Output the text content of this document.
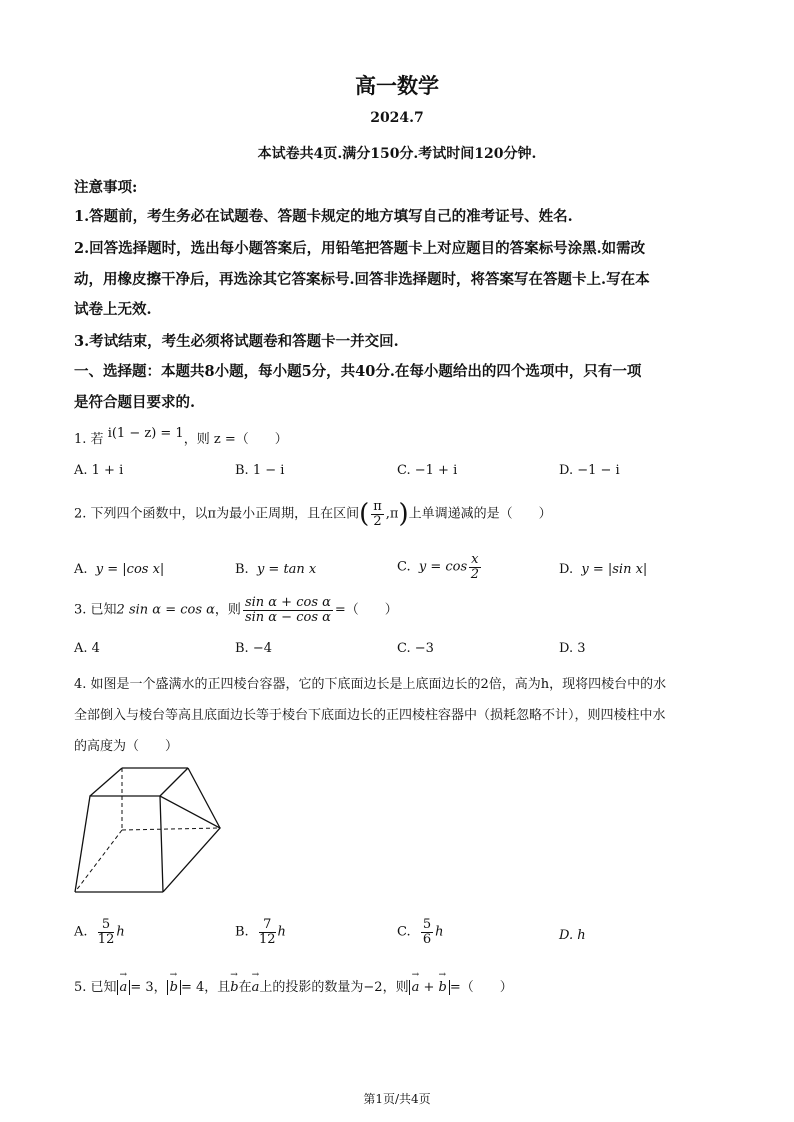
高一数学
2024.7
本试卷共4页.满分150分.考试时间120分钟.
注意事项:
1.答题前，考生务必在试题卷、答题卡规定的地方填写自己的准考证号、姓名.
2.回答选择题时，选出每小题答案后，用铅笔把答题卡上对应题目的答案标号涂黑.如需改
动，用橡皮擦干净后，再选涂其它答案标号.回答非选择题时，将答案写在答题卡上.写在本
试卷上无效.
3.考试结束，考生必须将试题卷和答题卡一并交回.
一、选择题：本题共8小题，每小题5分，共40分.在每小题给出的四个选项中，只有一项
是符合题目要求的.
1. 若 i(1 − z) = 1，则 z =（　　）
A. 1 + i	B. 1 − i	C. −1 + i	D. −1 − i
2. 下列四个函数中，以π为最小正周期，且在区间( $\frac{\pi}{2} ,\pi$)上单调递减的是（　　）
A. y = |cos x|	B. y = tan x	C. $y = \cos \frac{x}{2}$	D. y = |sin x|
3. 已知2 sin α = cos α，则 $\frac{\text{sin α + cos α}}{\text{sin α − cos α}}$ =（　　）
A. 4	B. −4	C. −3	D. 3
4. 如图是一个盛满水的正四棱台容器，它的下底面边长是上底面边长的2倍，高为h，现将四棱台中的水
全部倒入与棱台等高且底面边长等于棱台下底面边长的正四棱柱容器中（损耗忽略不计），则四棱柱中水
的高度为（　　）
A. $\frac{5}{12}$ h	B. $\frac{7}{12}$ h	C. $\frac{5}{6}$ h	D. h
5. 已知 → a = 3， → b = 4，且→ b在→ a上的投影的数量为−2，则 → a + → b =（　　）
第1页/共4页
